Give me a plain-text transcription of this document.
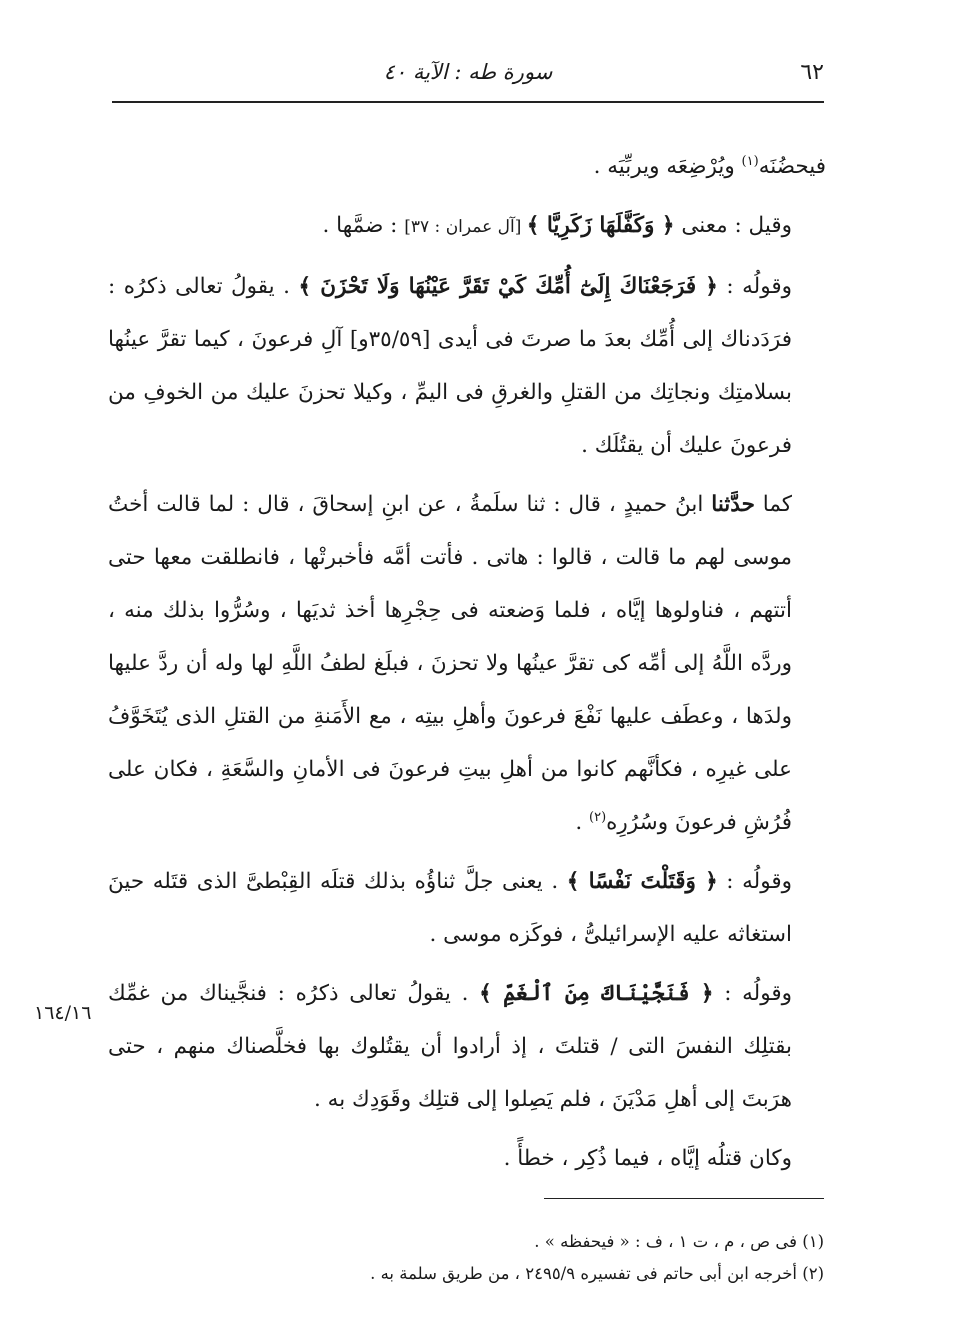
٦٢
سورة طه : الآية ٤٠
١٦٤/١٦

فيحضُنَه$^{(١)}$ ويُرْضِعَه ويربِّيَه .

وقيل : معنى ﴿ وَكَفَّلَهَا زَكَرِيَّا ﴾ [آل عمران : ٣٧] : ضمَّها .

وقولُه : ﴿ فَرَجَعْنَاكَ إِلَىٰٓ أُمِّكَ كَيْ تَقَرَّ عَيْنُهَا وَلَا تَحْزَنَ ﴾ . يقولُ تعالى ذكرُه : فرَدَدناك إلى أُمِّك بعدَ ما صرتَ فى أيدى [٣٥/٥٩و] آلِ فرعونَ ، كيما تقرَّ عينُها بسلامتِك ونجاتِك من القتلِ والغرقِ فى اليمِّ ، وكيلا تحزنَ عليك من الخوفِ من فرعونَ عليك أن يقتُلَك .

كما حدَّثنا ابنُ حميدٍ ، قال : ثنا سلَمةُ ، عن ابنِ إسحاقَ ، قال : لما قالت أختُ موسى لهم ما قالت ، قالوا : هاتى . فأتت أمَّه فأخبرتْها ، فانطلقت معها حتى أتتهم ، فناولوها إيَّاه ، فلما وَضعته فى حِجْرِها أخذ ثديَها ، وسُرُّوا بذلك منه ، وردَّه اللَّهُ إلى أمِّه كى تقرَّ عينُها ولا تحزنَ ، فبلَغ لطفُ اللَّهِ لها وله أن ردَّ عليها ولدَها ، وعطَف عليها نَفْعَ فرعونَ وأهلِ بيتِه ، مع الأَمَنةِ من القتلِ الذى يُتَخَوَّفُ على غيرِه ، فكأنَّهم كانوا من أهلِ بيتِ فرعونَ فى الأمانِ والسَّعَةِ ، فكان على فُرُشِ فرعونَ وسُرُرِه$^{(٢)}$ .

وقولُه : ﴿ وَقَتَلْتَ نَفْسًا ﴾ . يعنى جلَّ ثناؤُه بذلك قتلَه القِبْطىَّ الذى قتَله حينَ استغاثه عليه الإسرائيلىُّ ، فوكَزه موسى .

وقولُه : ﴿ فَنَجَّيْنَاكَ مِنَ ٱلْغَمِّ ﴾ . يقولُ تعالى ذكرُه : فنجَّيناك من غمِّك بقتلِك النفسَ التى / قتلتَ ، إذ أرادوا أن يقتُلوك بها فخلَّصناك منهم ، حتى هرَبتَ إلى أهلِ مَدْيَنَ ، فلم يَصِلوا إلى قتلِك وقَوَدِك به .

وكان قتلُه إيَّاه ، فيما ذُكِر ، خطأً .

(١) فى ص ، م ، ت ١ ، ف : « فيحفظه » .
(٢) أخرجه ابن أبى حاتم فى تفسيره ٢٤٩٥/٩ ، من طريق سلمة به .
